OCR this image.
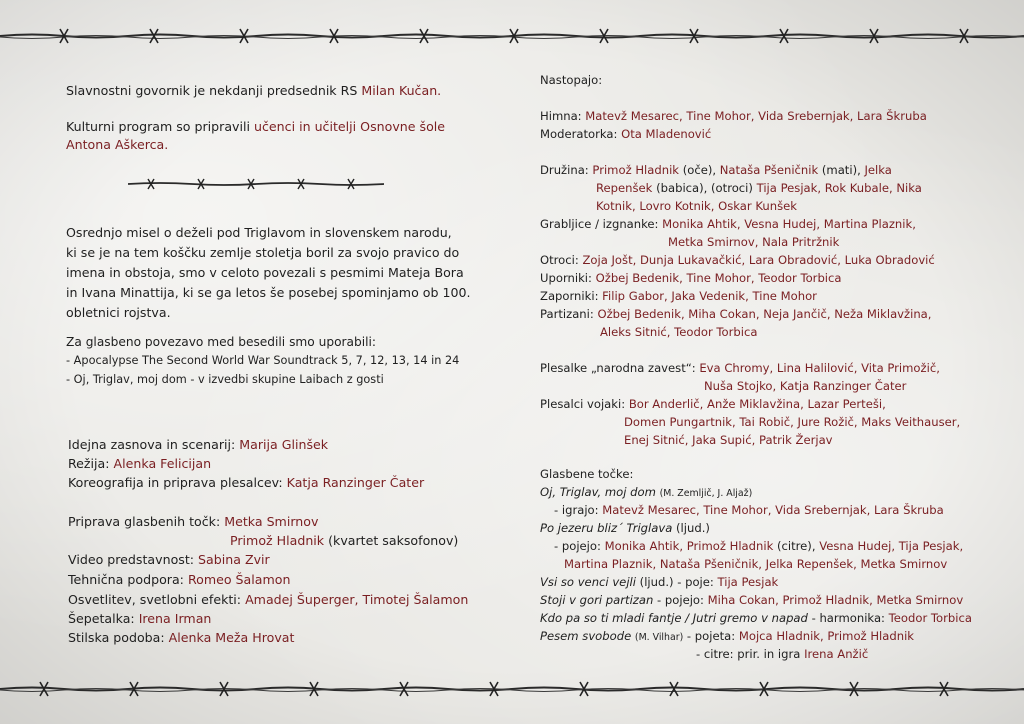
Slavnostni govornik je nekdanji predsednik RS Milan Kučan.
Kulturni program so pripravili učenci in učitelji Osnovne šole
Antona Aškerca.
Osrednjo misel o deželi pod Triglavom in slovenskem narodu,
ki se je na tem koščku zemlje stoletja boril za svojo pravico do
imena in obstoja, smo v celoto povezali s pesmimi Mateja Bora
in Ivana Minattija, ki se ga letos še posebej spominjamo ob 100.
obletnici rojstva.
Za glasbeno povezavo med besedili smo uporabili:
- Apocalypse The Second World War Soundtrack 5, 7, 12, 13, 14 in 24
- Oj, Triglav, moj dom - v izvedbi skupine Laibach z gosti
Idejna zasnova in scenarij: Marija Glinšek
Režija: Alenka Felicijan
Koreografija in priprava plesalcev: Katja Ranzinger Čater
Priprava glasbenih točk: Metka Smirnov
Primož Hladnik (kvartet saksofonov)
Video predstavnost: Sabina Zvir
Tehnična podpora: Romeo Šalamon
Osvetlitev, svetlobni efekti: Amadej Šuperger, Timotej Šalamon
Šepetalka: Irena Irman
Stilska podoba: Alenka Meža Hrovat
Nastopajo:
Himna: Matevž Mesarec, Tine Mohor, Vida Srebernjak, Lara Škruba
Moderatorka: Ota Mladenović
Družina: Primož Hladnik (oče), Nataša Pšeničnik (mati), Jelka
Repenšek (babica), (otroci) Tija Pesjak, Rok Kubale, Nika
Kotnik, Lovro Kotnik, Oskar Kunšek
Grabljice / izgnanke: Monika Ahtik, Vesna Hudej, Martina Plaznik,
Metka Smirnov, Nala Pritržnik
Otroci: Zoja Jošt, Dunja Lukavačkić, Lara Obradović, Luka Obradović
Uporniki: Ožbej Bedenik, Tine Mohor, Teodor Torbica
Zaporniki: Filip Gabor, Jaka Vedenik, Tine Mohor
Partizani: Ožbej Bedenik, Miha Cokan, Neja Jančič, Neža Miklavžina,
Aleks Sitnić, Teodor Torbica
Plesalke „narodna zavest“: Eva Chromy, Lina Halilović, Vita Primožič,
Nuša Stojko, Katja Ranzinger Čater
Plesalci vojaki: Bor Anderlič, Anže Miklavžina, Lazar Perteši,
Domen Pungartnik, Tai Robič, Jure Rožič, Maks Veithauser,
Enej Sitnić, Jaka Supić, Patrik Žerjav
Glasbene točke:
Oj, Triglav, moj dom (M. Zemljič, J. Aljaž)
- igrajo: Matevž Mesarec, Tine Mohor, Vida Srebernjak, Lara Škruba
Po jezeru bliz´ Triglava (ljud.)
- pojejo: Monika Ahtik, Primož Hladnik (citre), Vesna Hudej, Tija Pesjak,
Martina Plaznik, Nataša Pšeničnik, Jelka Repenšek, Metka Smirnov
Vsi so venci vejli (ljud.) - poje: Tija Pesjak
Stoji v gori partizan - pojejo: Miha Cokan, Primož Hladnik, Metka Smirnov
Kdo pa so ti mladi fantje / Jutri gremo v napad - harmonika: Teodor Torbica
Pesem svobode (M. Vilhar) - pojeta: Mojca Hladnik, Primož Hladnik
- citre: prir. in igra Irena Anžič
